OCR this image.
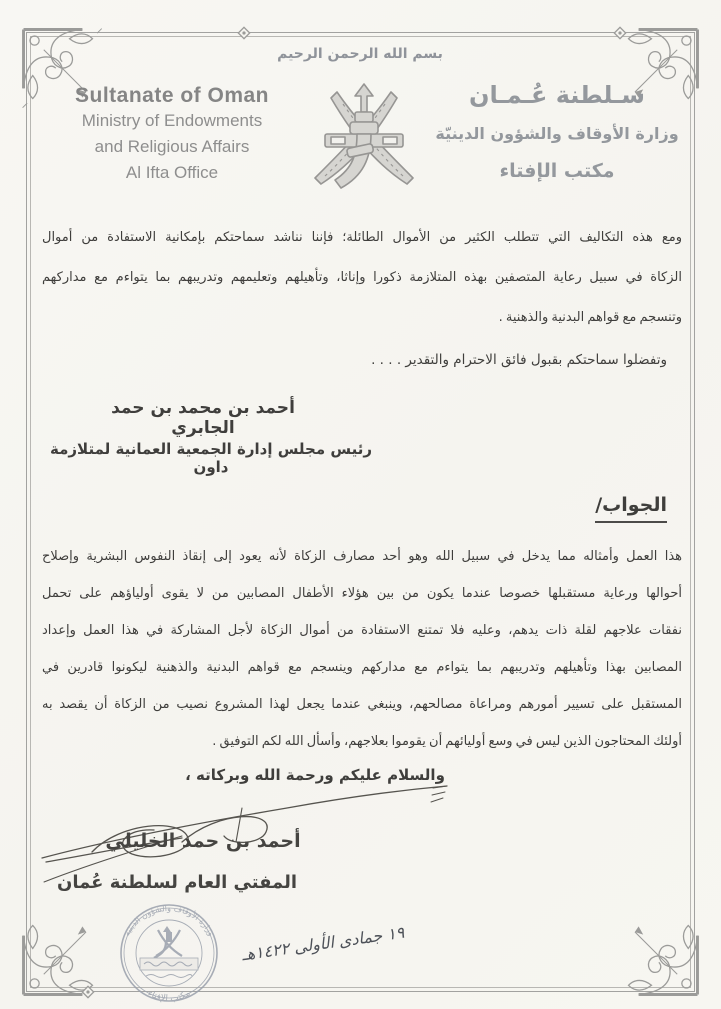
بسم الله الرحمن الرحيم
Sultanate of Oman
Ministry of Endowments
and Religious Affairs
Al Ifta Office
سـلطنة عُـمـان
وزارة الأوقاف والشؤون الدينيّة
مكتب الإفتاء
ومع هذه التكاليف التي تتطلب الكثير من الأموال الطائلة؛ فإننا نناشد سماحتكم بإمكانية الاستفادة من أموال
الزكاة في سبيل رعاية المتصفين بهذه المتلازمة ذكورا وإناثا، وتأهيلهم وتعليمهم وتدريبهم بما يتواءم مع مداركهم
وتنسجم مع قواهم البدنية والذهنية .
وتفضلوا سماحتكم بقبول فائق الاحترام والتقدير . . . .
أحمد بن محمد بن حمد الجابري
رئيس مجلس إدارة الجمعية العمانية لمتلازمة داون
الجواب/
هذا العمل وأمثاله مما يدخل في سبيل الله وهو أحد مصارف الزكاة لأنه يعود إلى إنقاذ النفوس البشرية وإصلاح
أحوالها ورعاية مستقبلها خصوصا عندما يكون من بين هؤلاء الأطفال المصابين من لا يقوى أولياؤهم على تحمل
نفقات علاجهم لقلة ذات يدهم، وعليه فلا تمتنع الاستفادة من أموال الزكاة لأجل المشاركة في هذا العمل وإعداد
المصابين بهذا وتأهيلهم وتدريبهم بما يتواءم مع مداركهم وينسجم مع قواهم البدنية والذهنية ليكونوا قادرين في
المستقبل على تسيير أمورهم ومراعاة مصالحهم، وينبغي عندما يجعل لهذا المشروع نصيب من الزكاة أن يقصد به
أولئك المحتاجون الذين ليس في وسع أوليائهم أن يقوموا بعلاجهم، وأسأل الله لكم التوفيق .
والسلام عليكم ورحمة الله وبركاته ،
أحمد بن حمد الخليلي
المفتي العام لسلطنة عُمان
وزارة الأوقاف والشؤون الدينية
مكتب الإفتاء
١٩ جمادى الأولى ١٤٢٢هـ
